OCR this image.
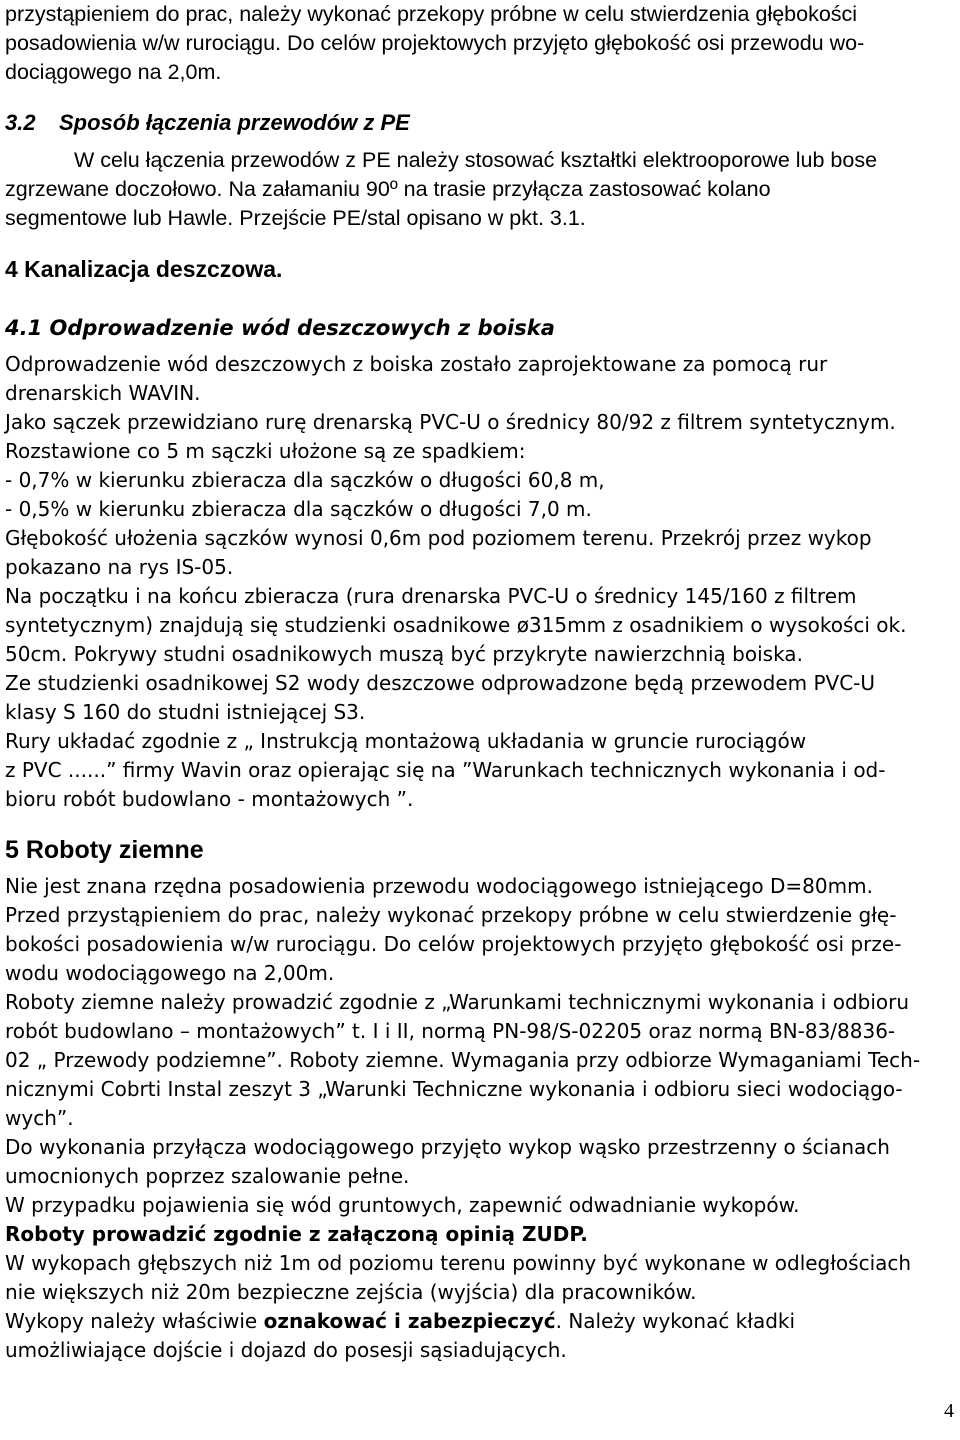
przystąpieniem do prac, należy wykonać przekopy próbne w celu stwierdzenia głębokości

posadowienia w/w rurociągu. Do celów projektowych przyjęto głębokość osi przewodu wo-

dociągowego na 2,0m.

3.2 Sposób łączenia przewodów z PE

W celu łączenia przewodów z PE należy stosować kształtki elektrooporowe lub bose

zgrzewane doczołowo. Na załamaniu 90º na trasie przyłącza zastosować kolano

segmentowe lub Hawle. Przejście PE/stal opisano w pkt. 3.1.

4 Kanalizacja deszczowa.
4.1 Odprowadzenie wód deszczowych z boiska

Odprowadzenie wód deszczowych z boiska zostało zaprojektowane za pomocą rur

drenarskich WAVIN.

Jako sączek przewidziano rurę drenarską PVC-U o średnicy 80/92 z filtrem syntetycznym.

Rozstawione co 5 m sączki ułożone są ze spadkiem:

- 0,7% w kierunku zbieracza dla sączków o długości 60,8 m,

- 0,5% w kierunku zbieracza dla sączków o długości 7,0 m.

Głębokość ułożenia sączków wynosi 0,6m pod poziomem terenu. Przekrój przez wykop

pokazano na rys IS-05.

Na początku i na końcu zbieracza (rura drenarska PVC-U o średnicy 145/160 z filtrem

syntetycznym) znajdują się studzienki osadnikowe ø315mm z osadnikiem o wysokości ok.

50cm. Pokrywy studni osadnikowych muszą być przykryte nawierzchnią boiska.

Ze studzienki osadnikowej S2 wody deszczowe odprowadzone będą przewodem PVC-U

klasy S 160 do studni istniejącej S3.

Rury układać zgodnie z „ Instrukcją montażową układania w gruncie rurociągów

z PVC ......” firmy Wavin oraz opierając się na ”Warunkach technicznych wykonania i od-

bioru robót budowlano - montażowych ”.

5 Roboty ziemne

Nie jest znana rzędna posadowienia przewodu wodociągowego istniejącego D=80mm.

Przed przystąpieniem do prac, należy wykonać przekopy próbne w celu stwierdzenie głę-

bokości posadowienia w/w rurociągu. Do celów projektowych przyjęto głębokość osi prze-

wodu wodociągowego na 2,00m.

Roboty ziemne należy prowadzić zgodnie z „Warunkami technicznymi wykonania i odbioru

robót budowlano – montażowych” t. I i II, normą PN-98/S-02205 oraz normą BN-83/8836-

02 „ Przewody podziemne”. Roboty ziemne. Wymagania przy odbiorze Wymaganiami Tech-

nicznymi Cobrti Instal zeszyt 3 „Warunki Techniczne wykonania i odbioru sieci wodociągo-

wych”.

Do wykonania przyłącza wodociągowego przyjęto wykop wąsko przestrzenny o ścianach

umocnionych poprzez szalowanie pełne.

W przypadku pojawienia się wód gruntowych, zapewnić odwadnianie wykopów.

Roboty prowadzić zgodnie z załączoną opinią ZUDP.

W wykopach głębszych niż 1m od poziomu terenu powinny być wykonane w odległościach

nie większych niż 20m bezpieczne zejścia (wyjścia) dla pracowników.

Wykopy należy właściwie oznakować i zabezpieczyć. Należy wykonać kładki

umożliwiające dojście i dojazd do posesji sąsiadujących.

4
